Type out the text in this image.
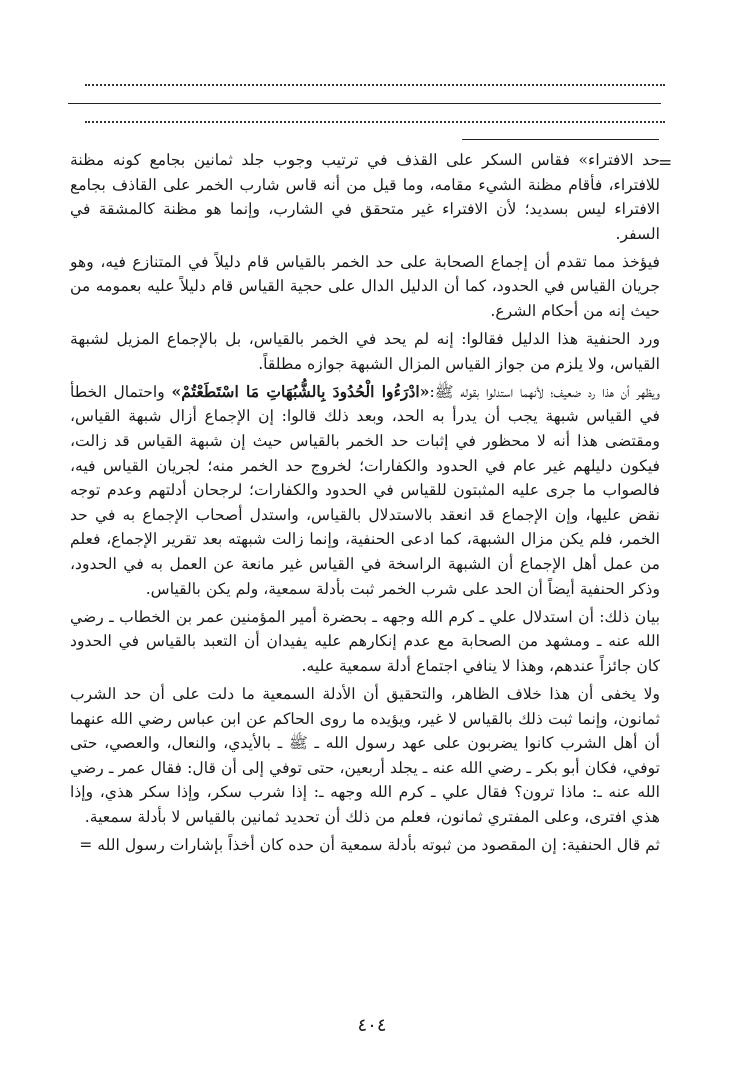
=

حد الافتراء» فقاس السكر على القذف في ترتيب وجوب جلد ثمانين بجامع كونه مظنة للافتراء، فأقام مظنة الشيء مقامه، وما قيل من أنه قاس شارب الخمر على القاذف بجامع الافتراء ليس بسديد؛ لأن الافتراء غير متحقق في الشارب، وإنما هو مظنة كالمشقة في السفر.

فيؤخذ مما تقدم أن إجماع الصحابة على حد الخمر بالقياس قام دليلاً في المتنازع فيه، وهو جريان القياس في الحدود، كما أن الدليل الدال على حجية القياس قام دليلاً عليه بعمومه من حيث إنه من أحكام الشرع.

ورد الحنفية هذا الدليل فقالوا: إنه لم يحد في الخمر بالقياس، بل بالإجماع المزيل لشبهة القياس، ولا يلزم من جواز القياس المزال الشبهة جوازه مطلقاً.

ويظهر أن هذا رد ضعيف؛ لأنهما استدلوا بقوله ﷺ:«ادْرَءُوا الْحُدُودَ بِالشُّبُهَاتِ مَا اسْتَطَعْتُمْ» واحتمال الخطأ في القياس شبهة يجب أن يدرأ به الحد، وبعد ذلك قالوا: إن الإجماع أزال شبهة القياس، ومقتضى هذا أنه لا محظور في إثبات حد الخمر بالقياس حيث إن شبهة القياس قد زالت، فيكون دليلهم غير عام في الحدود والكفارات؛ لخروج حد الخمر منه؛ لجريان القياس فيه، فالصواب ما جرى عليه المثبتون للقياس في الحدود والكفارات؛ لرجحان أدلتهم وعدم توجه نقض عليها، وإن الإجماع قد انعقد بالاستدلال بالقياس، واستدل أصحاب الإجماع به في حد الخمر، فلم يكن مزال الشبهة، كما ادعى الحنفية، وإنما زالت شبهته بعد تقرير الإجماع، فعلم من عمل أهل الإجماع أن الشبهة الراسخة في القياس غير مانعة عن العمل به في الحدود، وذكر الحنفية أيضاً أن الحد على شرب الخمر ثبت بأدلة سمعية، ولم يكن بالقياس.

بيان ذلك: أن استدلال علي ـ كرم الله وجهه ـ بحضرة أمير المؤمنين عمر بن الخطاب ـ رضي الله عنه ـ ومشهد من الصحابة مع عدم إنكارهم عليه يفيدان أن التعبد بالقياس في الحدود كان جائزاً عندهم، وهذا لا ينافي اجتماع أدلة سمعية عليه.

ولا يخفى أن هذا خلاف الظاهر، والتحقيق أن الأدلة السمعية ما دلت على أن حد الشرب ثمانون، وإنما ثبت ذلك بالقياس لا غير، ويؤيده ما روى الحاكم عن ابن عباس رضي الله عنهما أن أهل الشرب كانوا يضربون على عهد رسول الله ـ ﷺ ـ بالأيدي، والنعال، والعصي، حتى توفي، فكان أبو بكر ـ رضي الله عنه ـ يجلد أربعين، حتى توفي إلى أن قال: فقال عمر ـ رضي الله عنه ـ: ماذا ترون؟ فقال علي ـ كرم الله وجهه ـ: إذا شرب سكر، وإذا سكر هذي، وإذا هذي افترى، وعلى المفتري ثمانون، فعلم من ذلك أن تحديد ثمانين بالقياس لا بأدلة سمعية.

ثم قال الحنفية: إن المقصود من ثبوته بأدلة سمعية أن حده كان أخذاً بإشارات رسول الله =

٤٠٤
